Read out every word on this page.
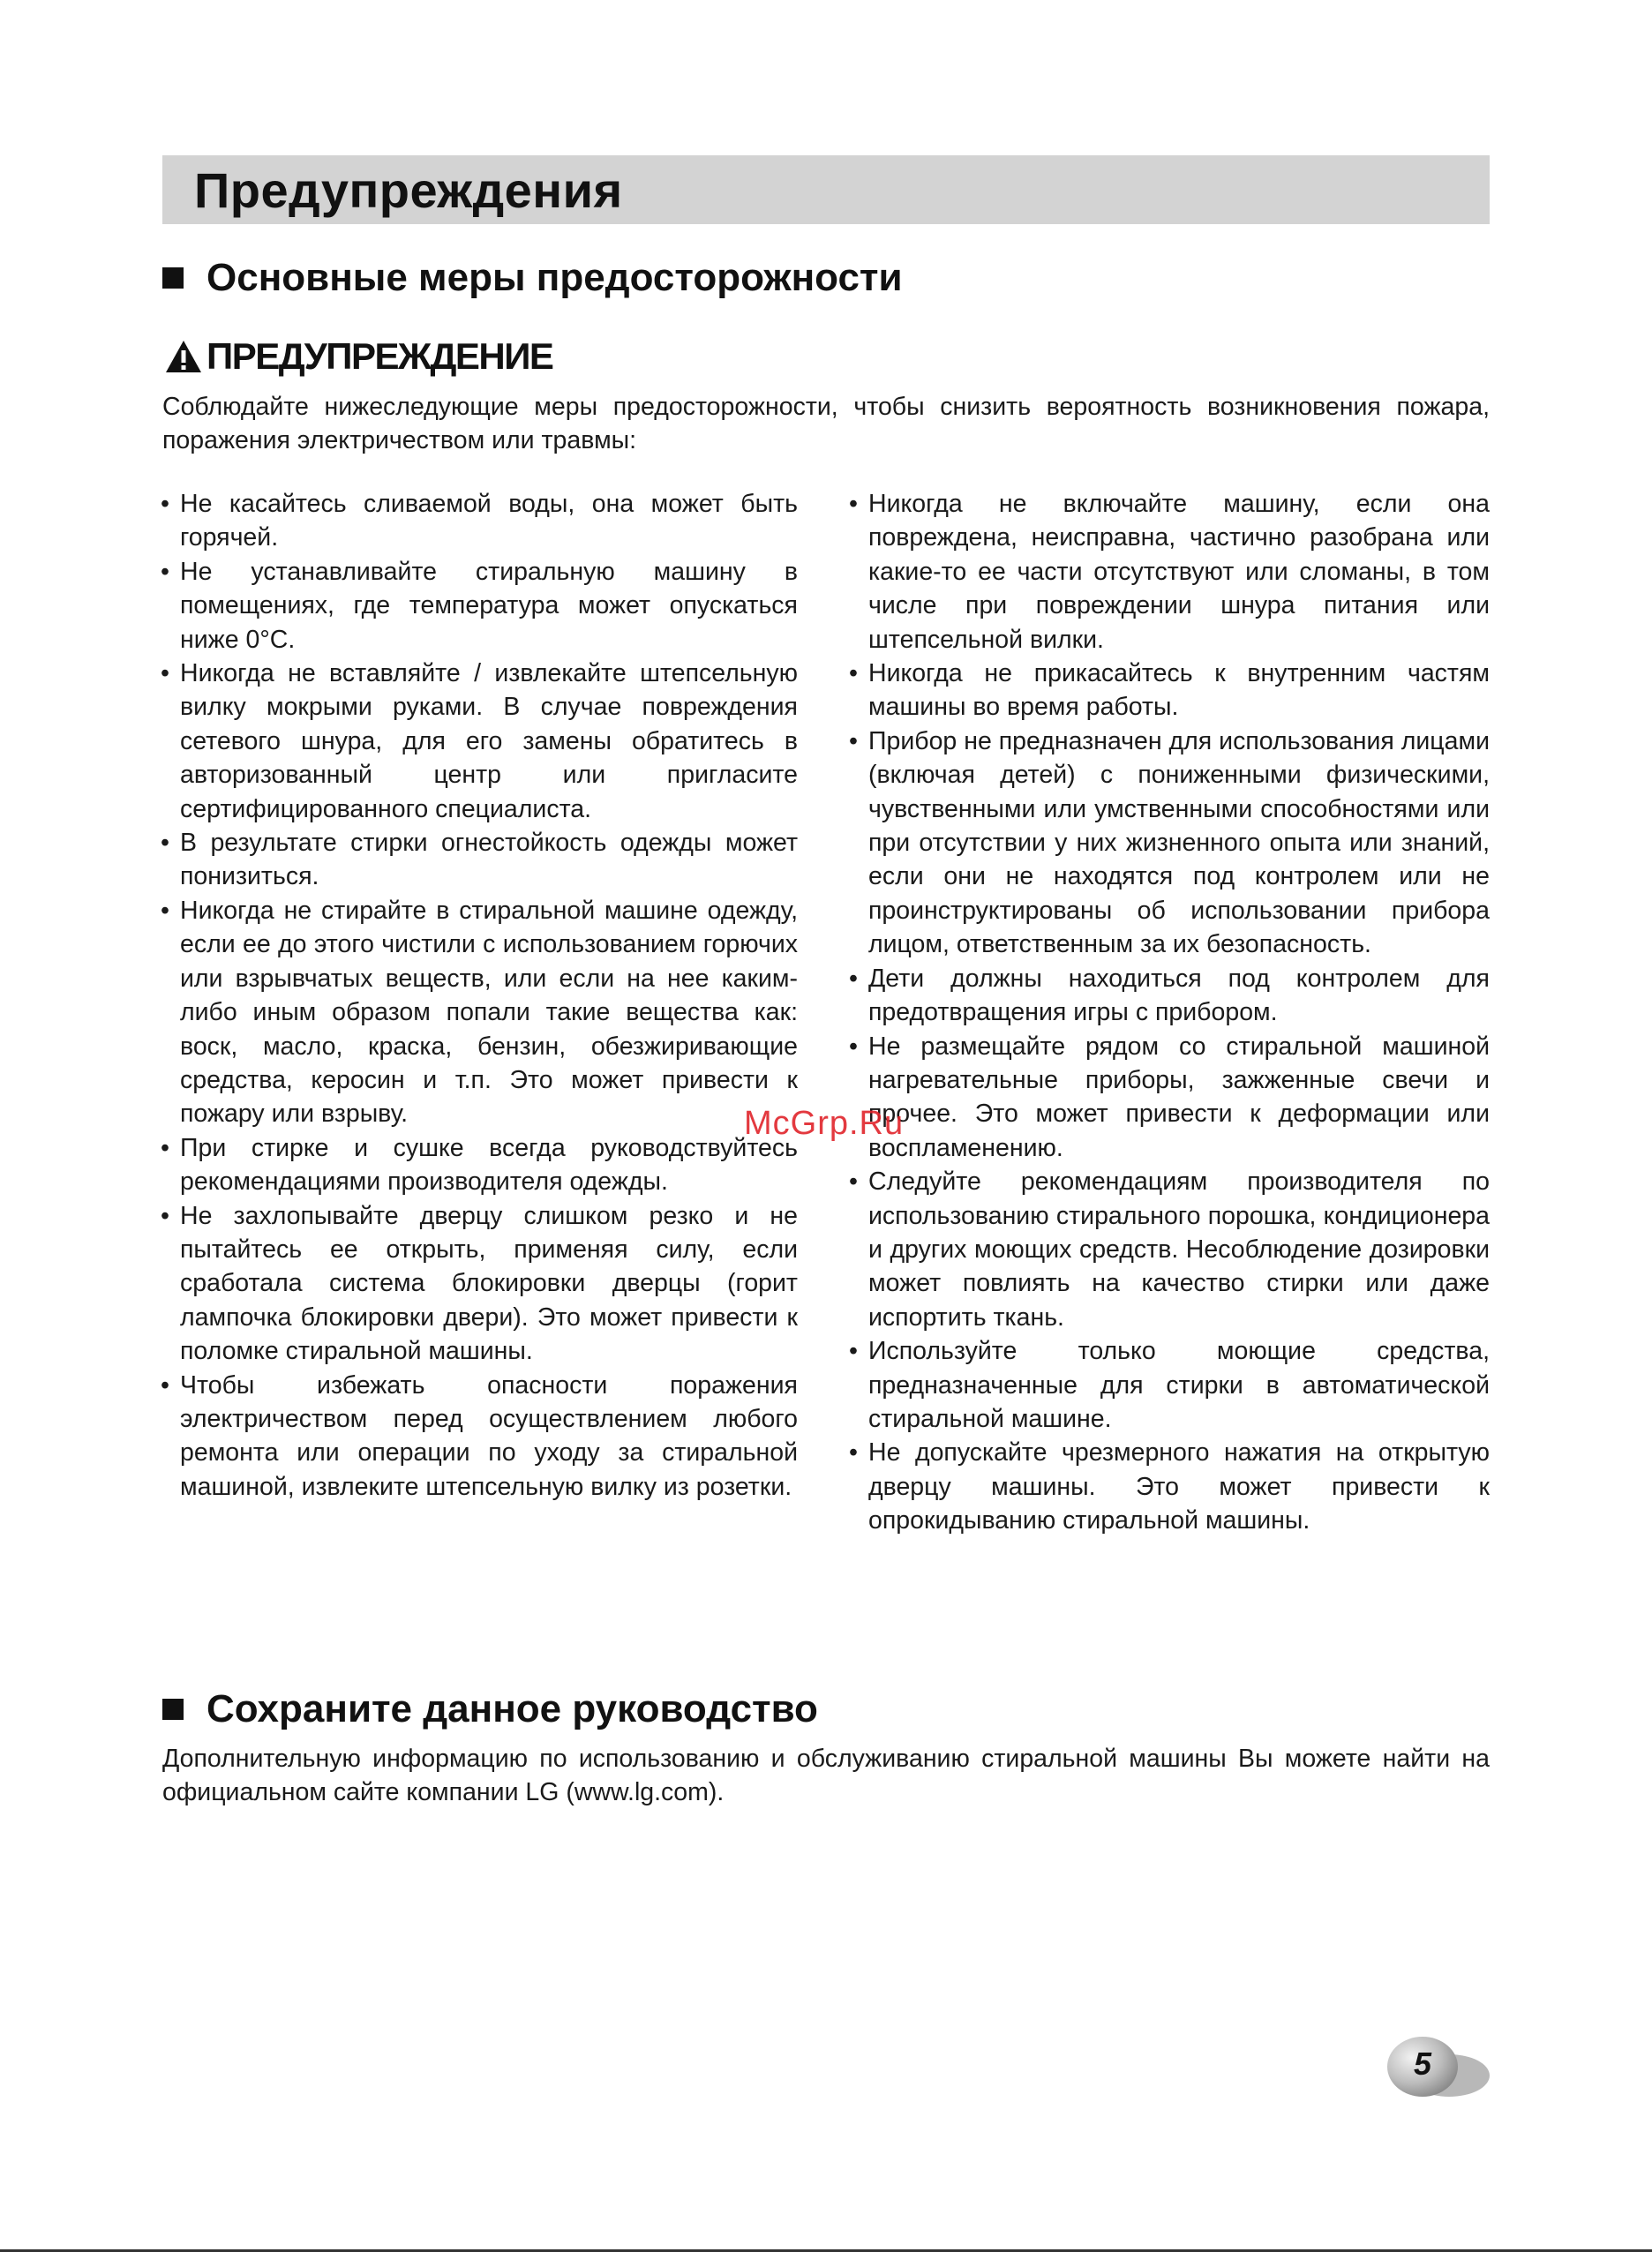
Предупреждения
Основные меры предосторожности
ПРЕДУПРЕЖДЕНИЕ

Соблюдайте нижеследующие меры предосторожности, чтобы снизить вероятность возникновения пожара, поражения электричеством или травмы:

• Не касайтесь сливаемой воды, она может быть горячей.
• Не устанавливайте стиральную машину в помещениях, где температура может опускаться ниже 0°С.
• Никогда не вставляйте / извлекайте штепсельную вилку мокрыми руками. В случае повреждения сетевого шнура, для его замены обратитесь в авторизованный центр или пригласите сертифицированного специалиста.
• В результате стирки огнестойкость одежды может понизиться.
• Никогда не стирайте в стиральной машине одежду, если ее до этого чистили с использованием горючих или взрывчатых веществ, или если на нее каким-либо иным образом попали такие вещества как: воск, масло, краска, бензин, обезжиривающие средства, керосин и т.п. Это может привести к пожару или взрыву.
• При стирке и сушке всегда руководствуйтесь рекомендациями производителя одежды.
• Не захлопывайте дверцу слишком резко и не пытайтесь ее открыть, применяя силу, если сработала система блокировки дверцы (горит лампочка блокировки двери). Это может привести к поломке стиральной машины.
• Чтобы избежать опасности поражения электричеством перед осуществлением любого ремонта или операции по уходу за стиральной машиной, извлеките штепсельную вилку из розетки.
• Никогда не включайте машину, если она повреждена, неисправна, частично разобрана или какие-то ее части отсутствуют или сломаны, в том числе при повреждении шнура питания или штепсельной вилки.
• Никогда не прикасайтесь к внутренним частям машины во время работы.
• Прибор не предназначен для использования лицами (включая детей) с пониженными физическими, чувственными или умственными способностями или при отсутствии у них жизненного опыта или знаний, если они не находятся под контролем или не проинструктированы об использовании прибора лицом, ответственным за их безопасность.
• Дети должны находиться под контролем для предотвращения игры с прибором.
• Не размещайте рядом со стиральной машиной нагревательные приборы, зажженные свечи и прочее. Это может привести к деформации или воспламенению.
• Следуйте рекомендациям производителя по использованию стирального порошка, кондиционера и других моющих средств. Несоблюдение дозировки может повлиять на качество стирки или даже испортить ткань.
• Используйте только моющие средства, предназначенные для стирки в автоматической стиральной машине.
• Не допускайте чрезмерного нажатия на открытую дверцу машины. Это может привести к опрокидыванию стиральной машины.
McGrp.Ru
Сохраните данное руководство

Дополнительную информацию по использованию и обслуживанию стиральной машины Вы можете найти на официальном сайте компании LG (www.lg.com).

5
